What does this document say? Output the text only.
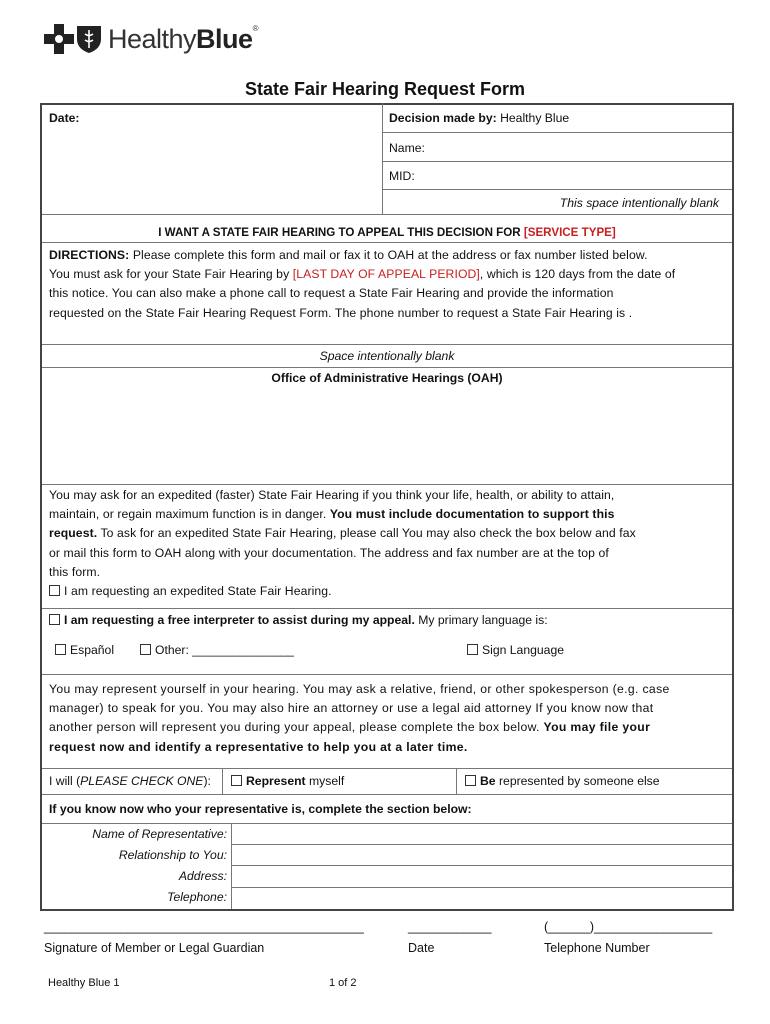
HealthyBlue®
State Fair Hearing Request Form
Date:	Decision made by: Healthy Blue
Name:
MID:
This space intentionally blank
I WANT A STATE FAIR HEARING TO APPEAL THIS DECISION FOR [SERVICE TYPE]
DIRECTIONS: Please complete this form and mail or fax it to OAH at the address or fax number listed below.
You must ask for your State Fair Hearing by [LAST DAY OF APPEAL PERIOD], which is 120 days from the date of
this notice. You can also make a phone call to request a State Fair Hearing and provide the information
requested on the State Fair Hearing Request Form. The phone number to request a State Fair Hearing is .
Space intentionally blank
Office of Administrative Hearings (OAH)
You may ask for an expedited (faster) State Fair Hearing if you think your life, health, or ability to attain,
maintain, or regain maximum function is in danger. You must include documentation to support this
request. To ask for an expedited State Fair Hearing, please call You may also check the box below and fax
or mail this form to OAH along with your documentation. The address and fax number are at the top of
this form.
I am requesting an expedited State Fair Hearing.
I am requesting a free interpreter to assist during my appeal. My primary language is:
Español	Other: _______________	Sign Language
You may represent yourself in your hearing. You may ask a relative, friend, or other spokesperson (e.g. case
manager) to speak for you. You may also hire an attorney or use a legal aid attorney If you know now that
another person will represent you during your appeal, please complete the box below. You may file your
request now and identify a representative to help you at a later time.
I will (PLEASE CHECK ONE):	Represent myself	Be represented by someone else
If you know now who your representative is, complete the section below:
Name of Representative:
Relationship to You:
Address:
Telephone:
______________________________________________
Signature of Member or Legal Guardian
____________
Date
(______)_________________
Telephone Number
Healthy Blue 1	1 of 2
